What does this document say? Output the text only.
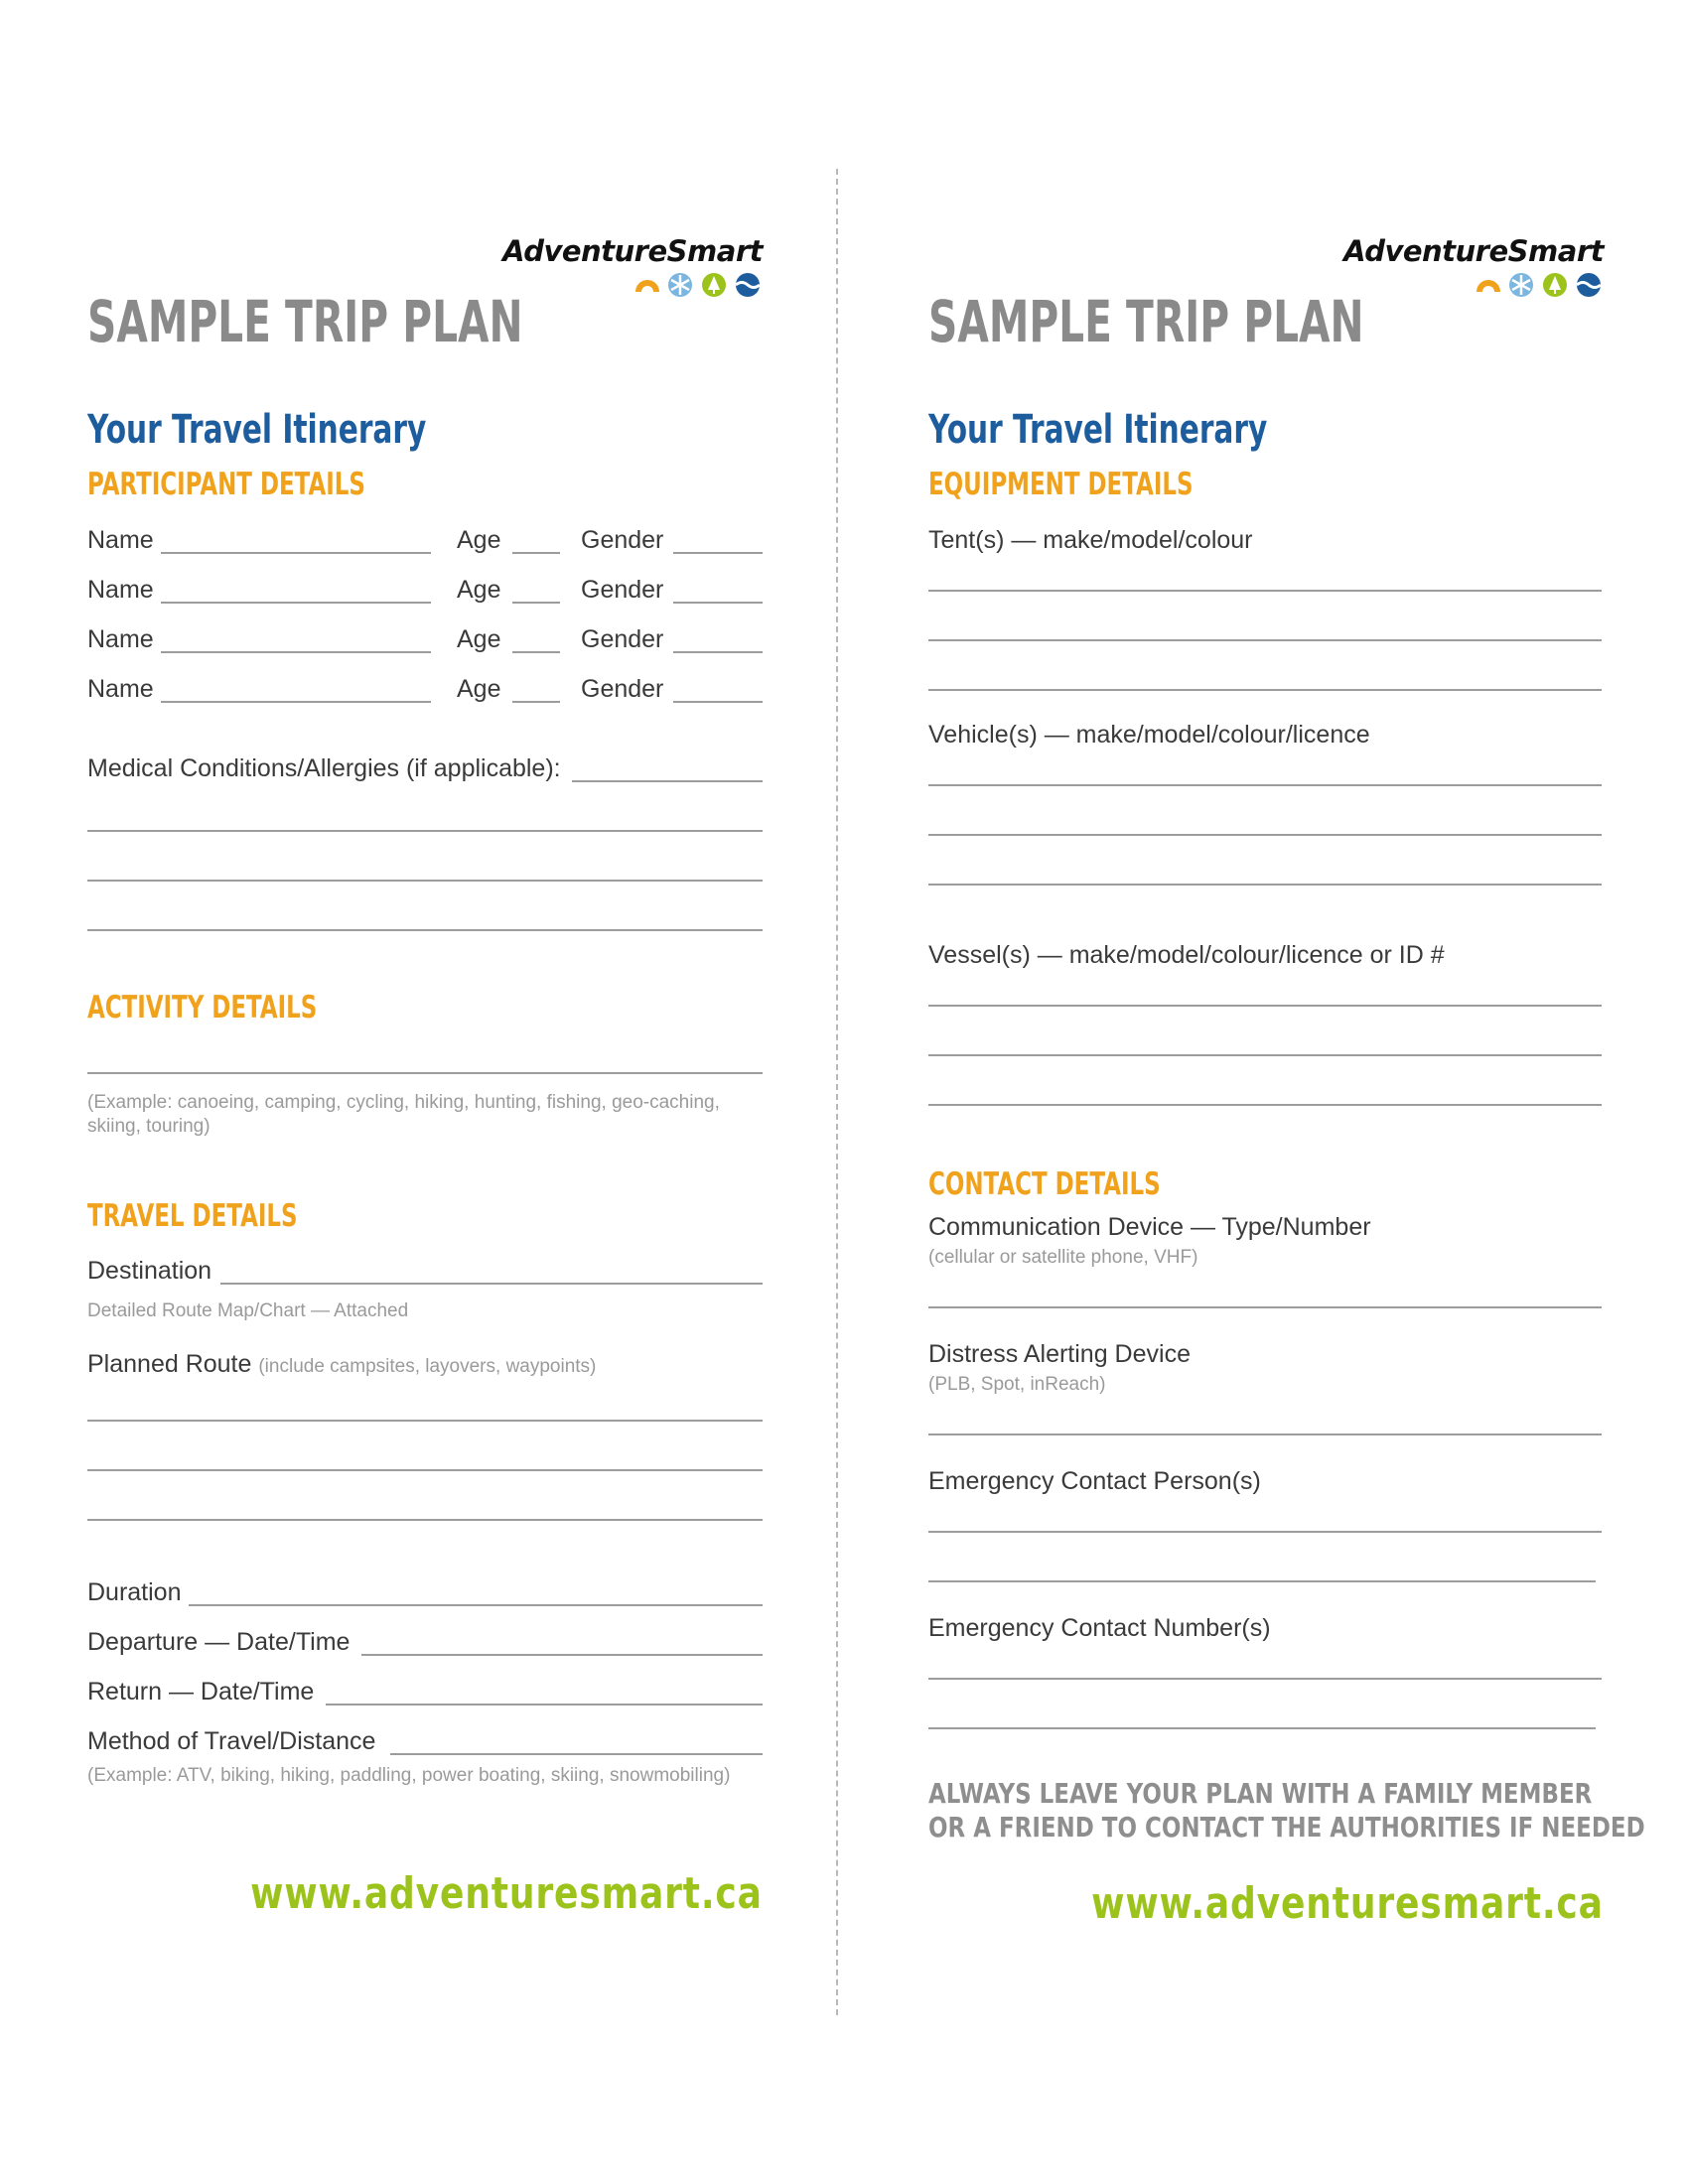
AdventureSmart
SAMPLE TRIP PLAN
Your Travel Itinerary
PARTICIPANT DETAILS
Name	Age	Gender
Name	Age	Gender
Name	Age	Gender
Name	Age	Gender
Medical Conditions/Allergies (if applicable):
ACTIVITY DETAILS
(Example: canoeing, camping, cycling, hiking, hunting, fishing, geo-caching,
skiing, touring)
TRAVEL DETAILS
Destination
Detailed Route Map/Chart — Attached
Planned Route (include campsites, layovers, waypoints)
Duration
Departure — Date/Time
Return — Date/Time
Method of Travel/Distance
(Example: ATV, biking, hiking, paddling, power boating, skiing, snowmobiling)
www.adventuresmart.ca
AdventureSmart
SAMPLE TRIP PLAN
Your Travel Itinerary
EQUIPMENT DETAILS
Tent(s) — make/model/colour
Vehicle(s) — make/model/colour/licence
Vessel(s) — make/model/colour/licence or ID #
CONTACT DETAILS
Communication Device — Type/Number
(cellular or satellite phone, VHF)
Distress Alerting Device
(PLB, Spot, inReach)
Emergency Contact Person(s)
Emergency Contact Number(s)
ALWAYS LEAVE YOUR PLAN WITH A FAMILY MEMBER
OR A FRIEND TO CONTACT THE AUTHORITIES IF NEEDED
www.adventuresmart.ca
